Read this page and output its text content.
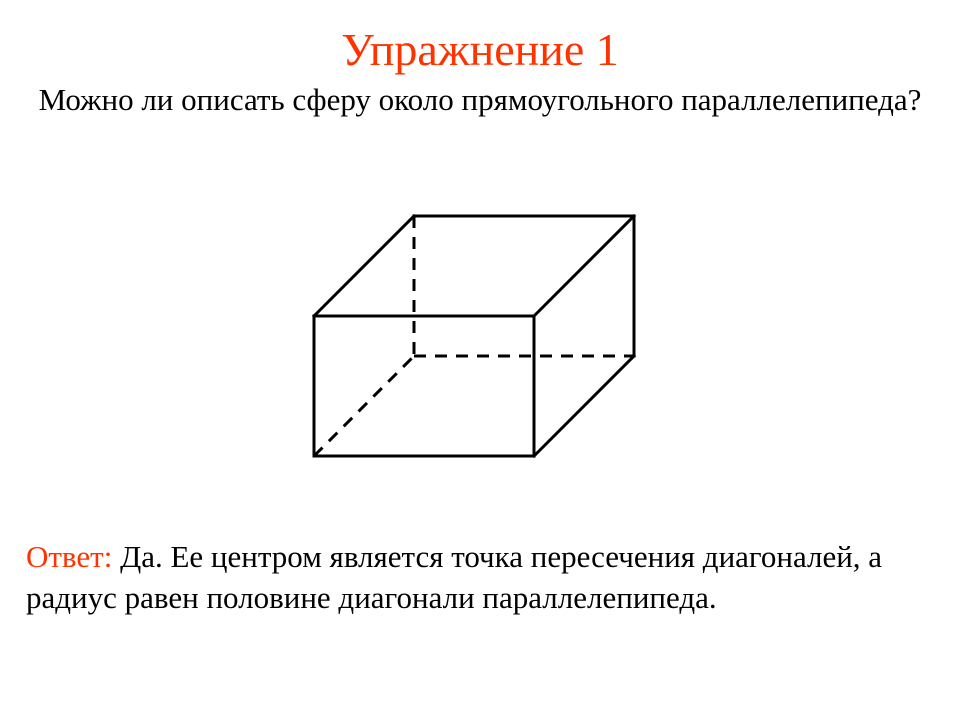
Упражнение 1
Можно ли описать сферу около прямоугольного параллелепипеда?
Ответ: Да. Ее центром является точка пересечения диагоналей, а
радиус равен половине диагонали параллелепипеда.
